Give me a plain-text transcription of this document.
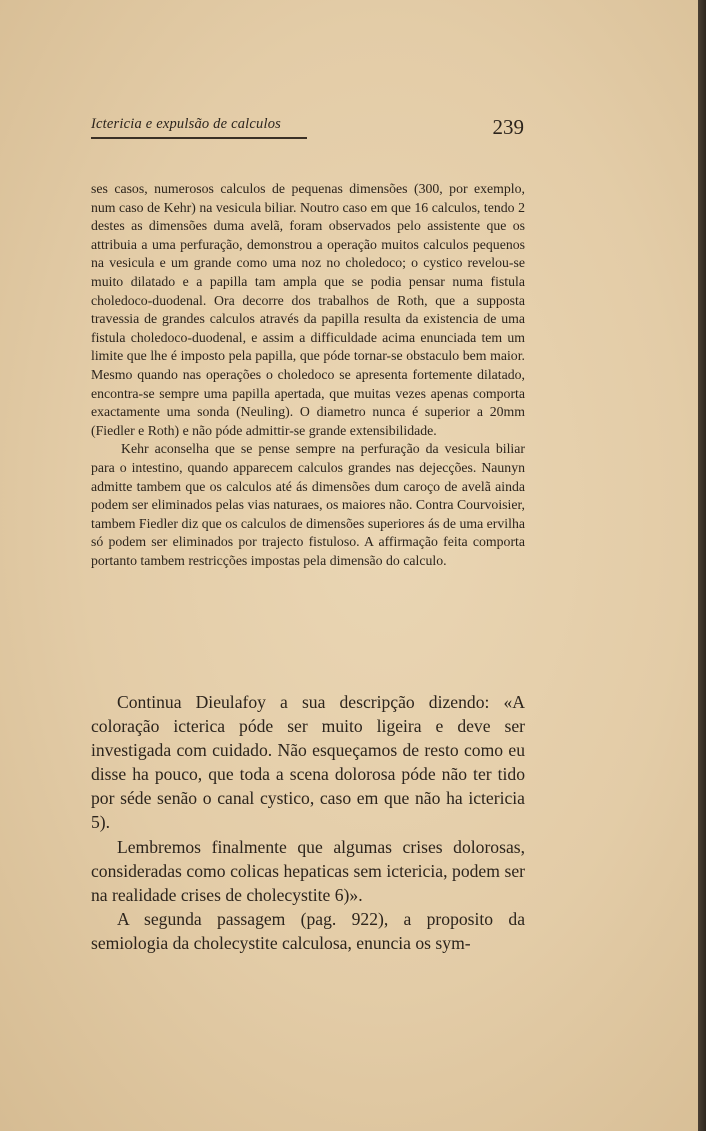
Ictericia e expulsão de calculos	239

ses casos, numerosos calculos de pequenas dimensões (300, por exemplo, num caso de Kehr) na vesicula biliar. Noutro caso em que 16 calculos, tendo 2 destes as dimensões duma avelã, foram observados pelo assistente que os attribuia a uma perfuração, demonstrou a operação muitos calculos pequenos na vesicula e um grande como uma noz no choledoco; o cystico revelou-se muito dilatado e a papilla tam ampla que se podia pensar numa fistula choledoco-duodenal. Ora decorre dos trabalhos de Roth, que a supposta travessia de grandes calculos através da papilla resulta da existencia de uma fistula choledoco-duodenal, e assim a difficuldade acima enunciada tem um limite que lhe é imposto pela papilla, que póde tornar-se obstaculo bem maior. Mesmo quando nas operações o choledoco se apresenta fortemente dilatado, encontra-se sempre uma papilla apertada, que muitas vezes apenas comporta exactamente uma sonda (Neuling). O diametro nunca é superior a 20mm (Fiedler e Roth) e não póde admittir-se grande extensibilidade.

Kehr aconselha que se pense sempre na perfuração da vesicula biliar para o intestino, quando apparecem calculos grandes nas dejecções. Naunyn admitte tambem que os calculos até ás dimensões dum caroço de avelã ainda podem ser eliminados pelas vias naturaes, os maiores não. Contra Courvoisier, tambem Fiedler diz que os calculos de dimensões superiores ás de uma ervilha só podem ser eliminados por trajecto fistuloso. A affirmação feita comporta portanto tambem restricções impostas pela dimensão do calculo.

Continua Dieulafoy a sua descripção dizendo: «A coloração icterica póde ser muito ligeira e deve ser investigada com cuidado. Não esqueçamos de resto como eu disse ha pouco, que toda a scena dolorosa pódе não ter tido por séde senão o canal cystico, caso em que não ha ictericia 5).

Lembremos finalmente que algumas crises dolorosas, consideradas como colicas hepaticas sem ictericia, podem ser na realidade crises de cholecystite 6)».

A segunda passagem (pag. 922), a proposito da semiologia da cholecystite calculosa, enuncia os sym-
